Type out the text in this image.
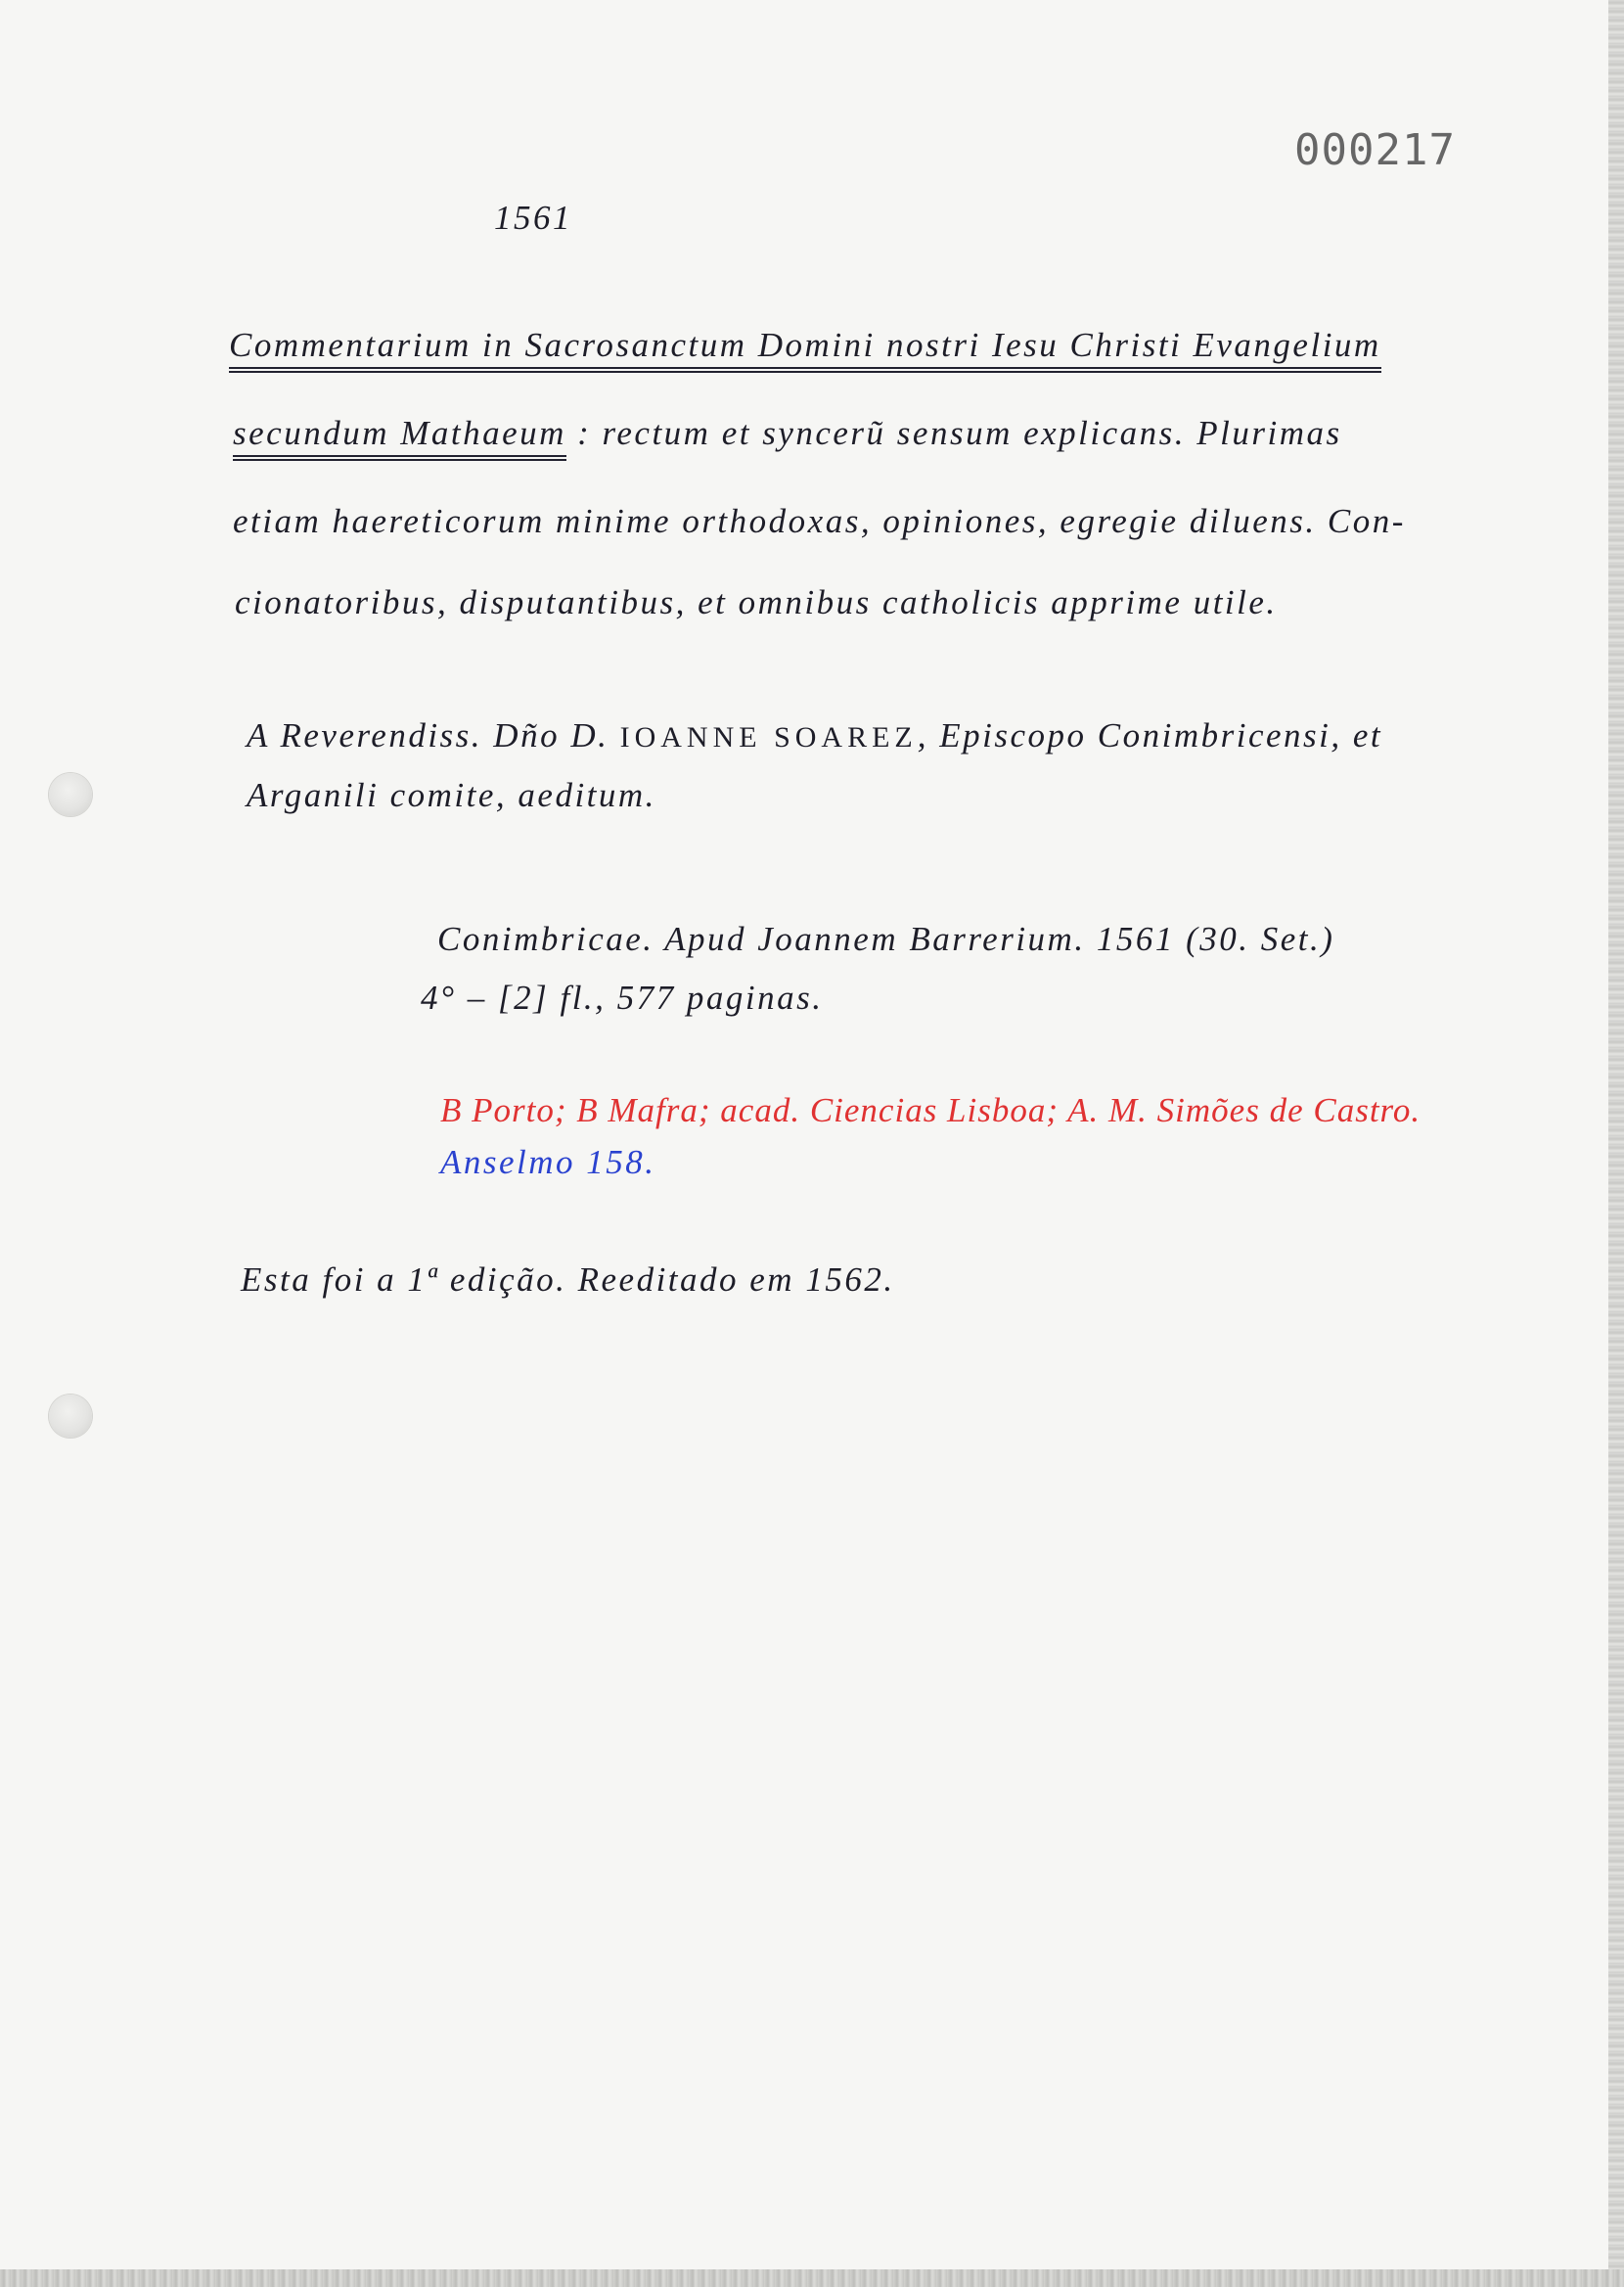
000217
1561
Commentarium in Sacrosanctum Domini nostri Iesu Christi Evangelium
secundum Mathaeum : rectum et syncerũ sensum explicans. Plurimas
etiam haereticorum minime orthodoxas, opiniones, egregie diluens. Con-
cionatoribus, disputantibus, et omnibus catholicis apprime utile.
A Reverendiss. Dño D. IOANNE SOAREZ, Episcopo Conimbricensi, et
Arganili comite, aeditum.
Conimbricae. Apud Joannem Barrerium. 1561 (30. Set.)
4° – [2] fl., 577 paginas.
B Porto; B Mafra; acad. Ciencias Lisboa; A. M. Simões de Castro.
Anselmo 158.
Esta foi a 1ª edição. Reeditado em 1562.
